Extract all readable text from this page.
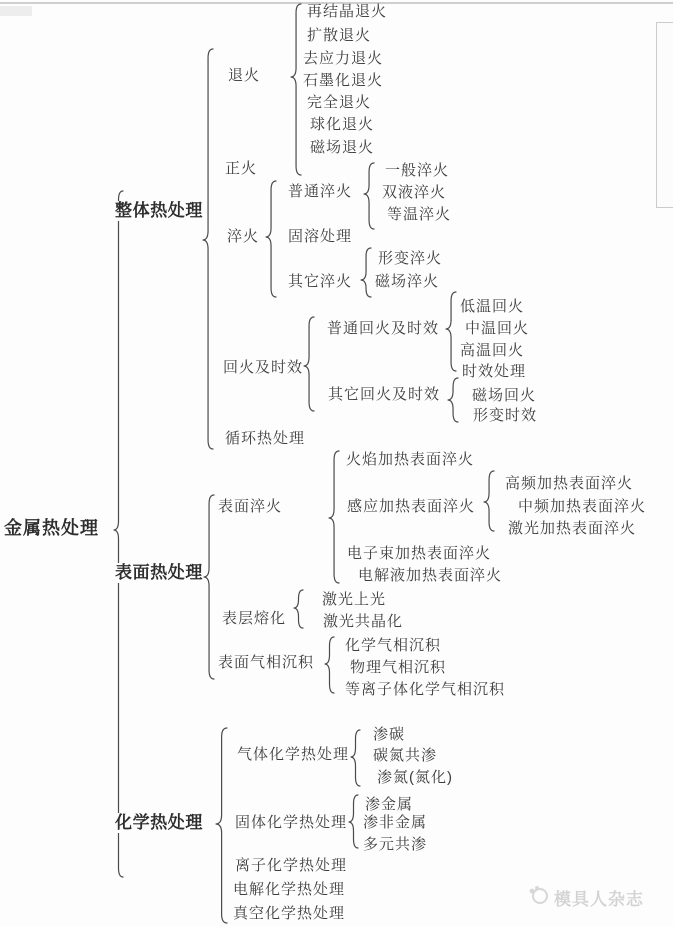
金属热处理
整体热处理
表面热处理
化学热处理
退火
再结晶退火
扩散退火
去应力退火
石墨化退火
完全退火
球化退火
磁场退火
正火
淬火
普通淬火
一般淬火
双液淬火
等温淬火
固溶处理
其它淬火
形变淬火
磁场淬火
回火及时效
普通回火及时效
低温回火
中温回火
高温回火
时效处理
其它回火及时效 磁场回火
形变时效
循环热处理
表面淬火
火焰加热表面淬火
感应加热表面淬火
高频加热表面淬火
中频加热表面淬火
激光加热表面淬火
电子束加热表面淬火
电解液加热表面淬火
表层熔化
激光上光
激光共晶化
表面气相沉积
化学气相沉积
物理气相沉积
等离子体化学气相沉积
气体化学热处理
渗碳
碳氮共渗
渗氮(氮化)
固体化学热处理
渗金属
渗非金属
多元共渗
离子化学热处理
电解化学热处理
真空化学热处理
模具人杂志
